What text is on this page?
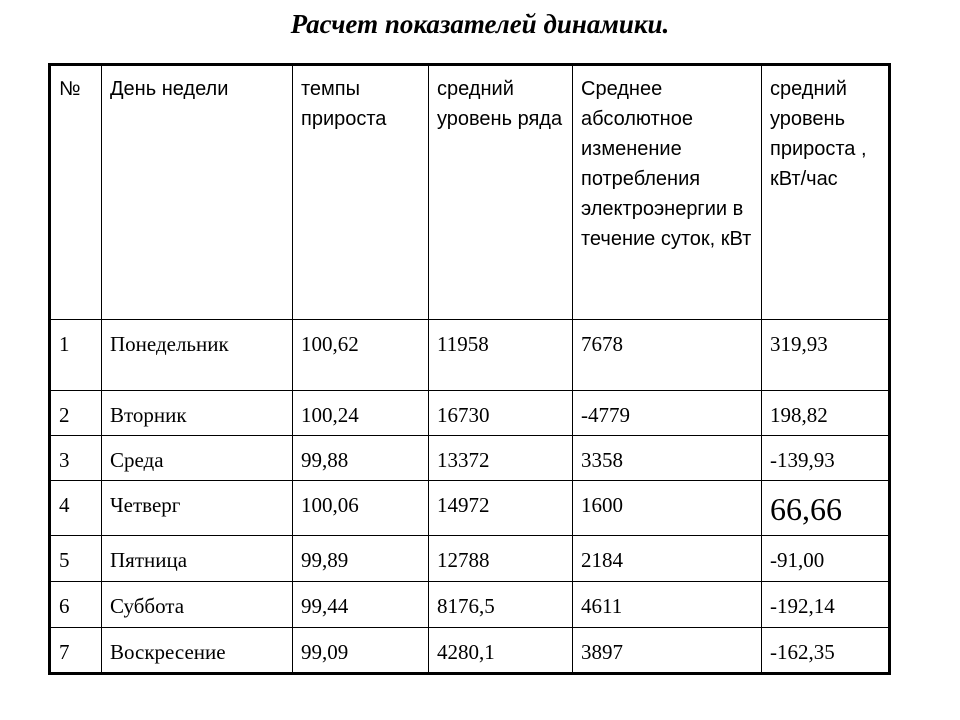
Расчет показателей динамики.
№	День недели	темпы прироста	средний уровень ряда	Среднее абсолютное изменение потребления электроэнергии в течение суток, кВт	средний уровень прироста , кВт/час
1	Понедельник	100,62	11958	7678	319,93
2	Вторник	100,24	16730	-4779	198,82
3	Среда	99,88	13372	3358	-139,93
4	Четверг	100,06	14972	1600	66,66
5	Пятница	99,89	12788	2184	-91,00
6	Суббота	99,44	8176,5	4611	-192,14
7	Воскресение	99,09	4280,1	3897	-162,35
